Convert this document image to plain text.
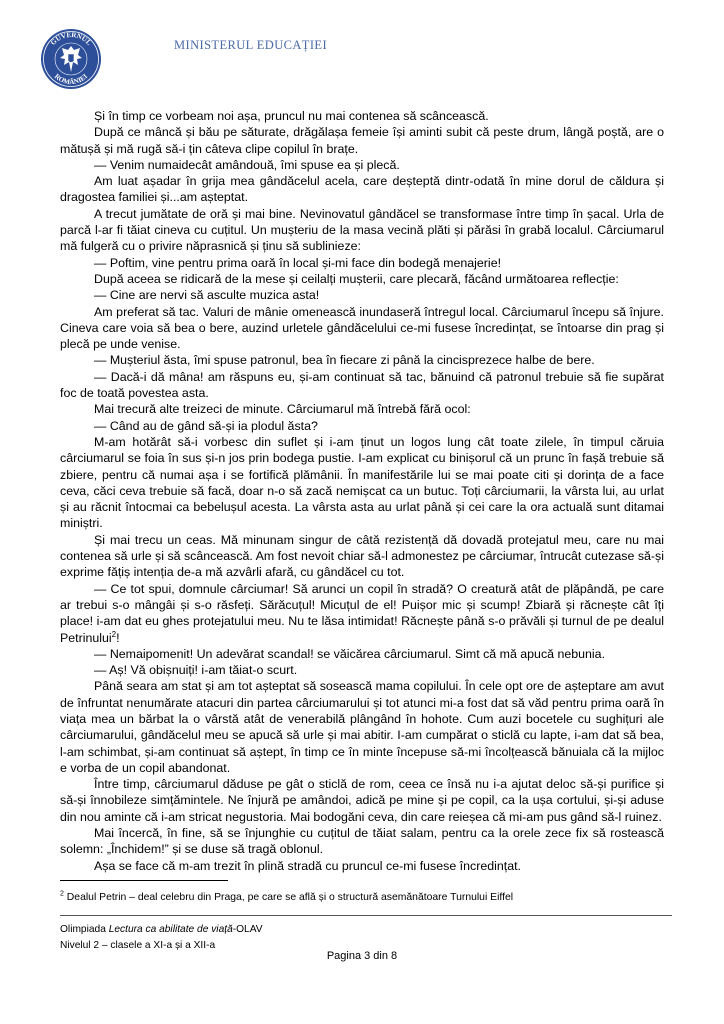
GUVERNUL
ROMÂNIEI
MINISTERUL EDUCAȚIEI

Și în timp ce vorbeam noi așa, pruncul nu mai contenea să scâncească.

După ce mâncă și bău pe săturate, drăgălașa femeie își aminti subit că peste drum, lângă poștă, are o mătușă și mă rugă să-i țin câteva clipe copilul în brațe.

— Venim numaidecât amândouă, îmi spuse ea și plecă.

Am luat așadar în grija mea gândăcelul acela, care deșteptă dintr-odată în mine dorul de căldura și dragostea familiei și...am așteptat.

A trecut jumătate de oră și mai bine. Nevinovatul gândăcel se transformase între timp în șacal. Urla de parcă l-ar fi tăiat cineva cu cuțitul. Un mușteriu de la masa vecină plăti și părăsi în grabă localul. Cârciumarul mă fulgeră cu o privire năprasnică și ținu să sublinieze:

— Poftim, vine pentru prima oară în local și-mi face din bodegă menajerie!

După aceea se ridicară de la mese și ceilalți mușterii, care plecară, făcând următoarea reflecție:

— Cine are nervi să asculte muzica asta!

Am preferat să tac. Valuri de mânie omenească inundaseră întregul local. Cârciumarul începu să înjure. Cineva care voia să bea o bere, auzind urletele gândăcelului ce-mi fusese încredințat, se întoarse din prag și plecă pe unde venise.

— Mușteriul ăsta, îmi spuse patronul, bea în fiecare zi până la cincisprezece halbe de bere.

— Dacă-i dă mâna! am răspuns eu, și-am continuat să tac, bănuind că patronul trebuie să fie supărat foc de toată povestea asta.

Mai trecură alte treizeci de minute. Cârciumarul mă întrebă fără ocol:

— Când au de gând să-și ia plodul ăsta?

M-am hotărât să-i vorbesc din suflet și i-am ținut un logos lung cât toate zilele, în timpul căruia cârciumarul se foia în sus și-n jos prin bodega pustie. I-am explicat cu binișorul că un prunc în fașă trebuie să zbiere, pentru că numai așa i se fortifică plămânii. În manifestările lui se mai poate citi și dorința de a face ceva, căci ceva trebuie să facă, doar n-o să zacă nemișcat ca un butuc. Toți cârciumarii, la vârsta lui, au urlat și au răcnit întocmai ca bebelușul acesta. La vârsta asta au urlat până și cei care la ora actuală sunt ditamai miniștri.

Și mai trecu un ceas. Mă minunam singur de câtă rezistență dă dovadă protejatul meu, care nu mai contenea să urle și să scâncească. Am fost nevoit chiar să-l admonestez pe cârciumar, întrucât cutezase să-și exprime fățiș intenția de-a mă azvârli afară, cu gândăcel cu tot.

— Ce tot spui, domnule cârciumar! Să arunci un copil în stradă? O creatură atât de plăpândă, pe care ar trebui s-o mângâi și s-o răsfeți. Sărăcuțul! Micuțul de el! Puișor mic și scump! Zbiară și răcnește cât îți place! i-am dat eu ghes protejatului meu. Nu te lăsa intimidat! Răcnește până s-o prăvăli și turnul de pe dealul Petrinului$^2$!

— Nemaipomenit! Un adevărat scandal! se văicărea cârciumarul. Simt că mă apucă nebunia.

— Aș! Vă obișnuiți! i-am tăiat-o scurt.

Până seara am stat și am tot așteptat să sosească mama copilului. În cele opt ore de așteptare am avut de înfruntat nenumărate atacuri din partea cârciumarului și tot atunci mi-a fost dat să văd pentru prima oară în viața mea un bărbat la o vârstă atât de venerabilă plângând în hohote. Cum auzi bocetele cu sughițuri ale cârciumarului, gândăcelul meu se apucă să urle și mai abitir. I-am cumpărat o sticlă cu lapte, i-am dat să bea, l-am schimbat, și-am continuat să aștept, în timp ce în minte începuse să-mi încolțească bănuiala că la mijloc e vorba de un copil abandonat.

Între timp, cârciumarul dăduse pe gât o sticlă de rom, ceea ce însă nu i-a ajutat deloc să-și purifice și să-și înnobileze simțămintele. Ne înjură pe amândoi, adică pe mine și pe copil, ca la ușa cortului, și-și aduse din nou aminte că i-am stricat negustoria. Mai bodogăni ceva, din care reieșea că mi-am pus gând să-l ruinez.

Mai încercă, în fine, să se înjunghie cu cuțitul de tăiat salam, pentru ca la orele zece fix să rostească solemn: „Închidem!” și se duse să tragă oblonul.

Așa se face că m-am trezit în plină stradă cu pruncul ce-mi fusese încredințat.

$^2$ Dealul Petrin – deal celebru din Praga, pe care se află și o structură asemănătoare Turnului Eiffel
Olimpiada Lectura ca abilitate de viață-OLAV
Nivelul 2 – clasele a XI-a și a XII-a
Pagina 3 din 8
